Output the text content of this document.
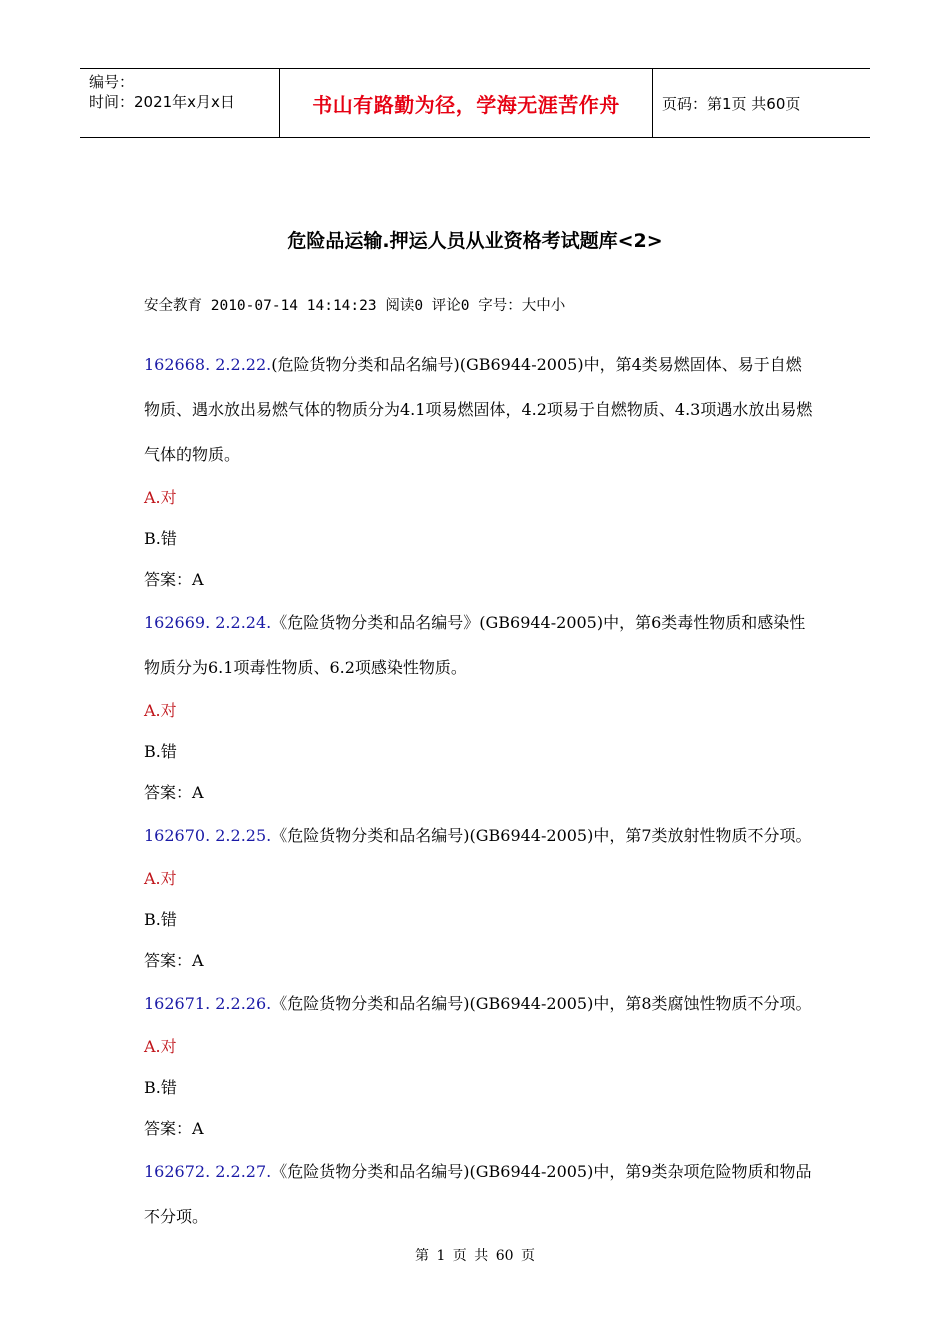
编号：
时间：2021年x月x日	书山有路勤为径，学海无涯苦作舟	页码：第1页 共60页
危险品运输.押运人员从业资格考试题库<2>
安全教育 2010-07-14 14:14:23 阅读0 评论0 字号：大中小

162668. 2.2.22.(危险货物分类和品名编号)(GB6944-2005)中，第4类易燃固体、易于自燃物质、遇水放出易燃气体的物质分为4.1项易燃固体，4.2项易于自燃物质、4.3项遇水放出易燃气体的物质。

A.对

B.错

答案：A

162669. 2.2.24.《危险货物分类和品名编号》(GB6944-2005)中，第6类毒性物质和感染性物质分为6.1项毒性物质、6.2项感染性物质。

A.对

B.错

答案：A

162670. 2.2.25.《危险货物分类和品名编号)(GB6944-2005)中，第7类放射性物质不分项。

A.对

B.错

答案：A

162671. 2.2.26.《危险货物分类和品名编号)(GB6944-2005)中，第8类腐蚀性物质不分项。

A.对

B.错

答案：A

162672. 2.2.27.《危险货物分类和品名编号)(GB6944-2005)中，第9类杂项危险物质和物品不分项。

第 1 页 共 60 页
